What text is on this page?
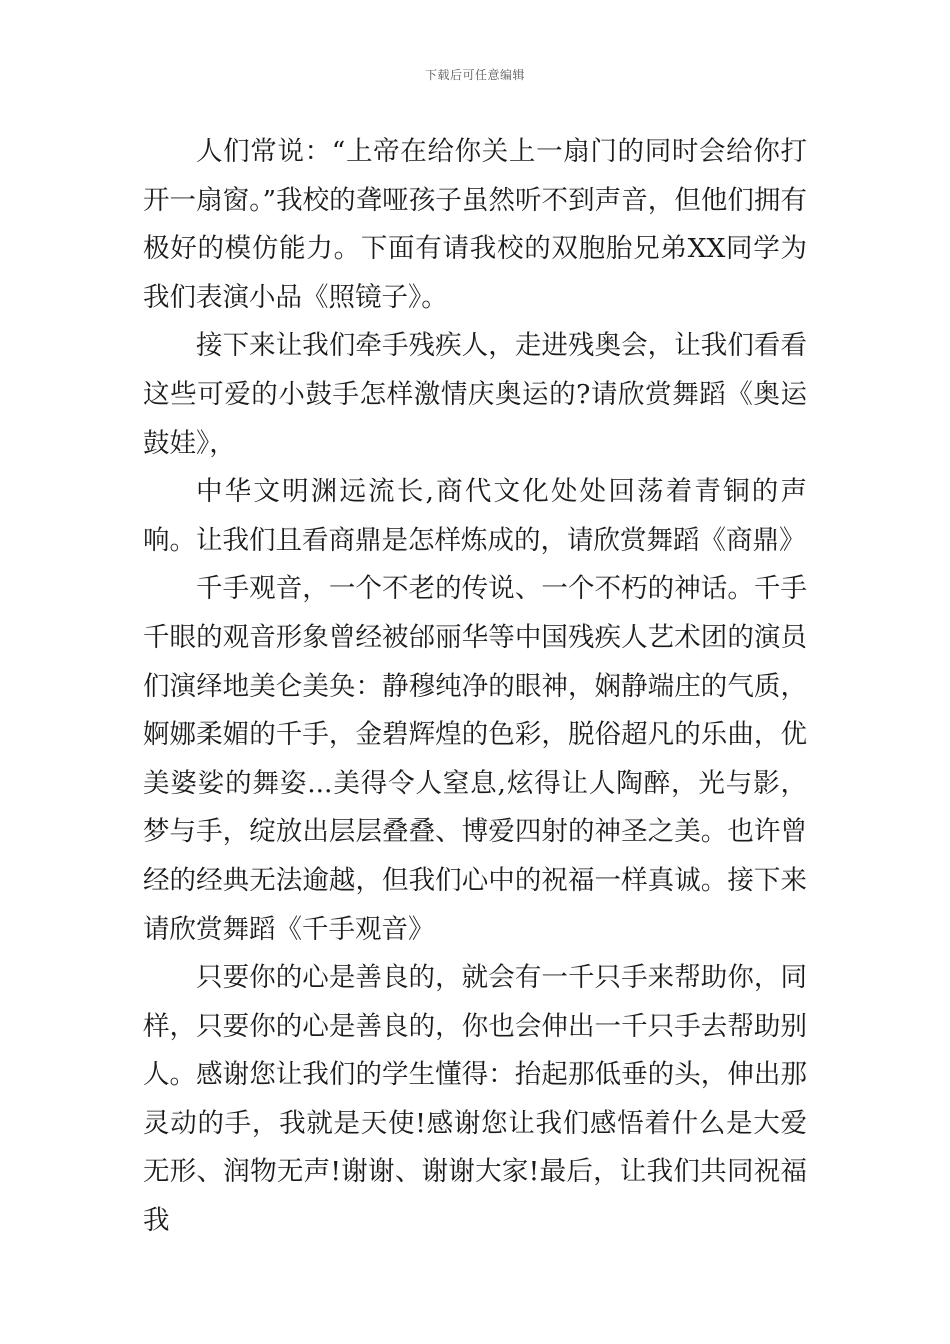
下载后可任意编辑

人们常说：“上帝在给你关上一扇门的同时会给你打开一扇窗。”我校的聋哑孩子虽然听不到声音，但他们拥有极好的模仿能力。下面有请我校的双胞胎兄弟XX同学为我们表演小品《照镜子》。

接下来让我们牵手残疾人，走进残奥会，让我们看看这些可爱的小鼓手怎样激情庆奥运的?请欣赏舞蹈《奥运鼓娃》，

中华文明渊远流长,商代文化处处回荡着青铜的声响。让我们且看商鼎是怎样炼成的，请欣赏舞蹈《商鼎》

千手观音，一个不老的传说、一个不朽的神话。千手千眼的观音形象曾经被邰丽华等中国残疾人艺术团的演员们演绎地美仑美奂：静穆纯净的眼神，娴静端庄的气质，婀娜柔媚的千手，金碧辉煌的色彩，脱俗超凡的乐曲，优美婆娑的舞姿...美得令人窒息,炫得让人陶醉，光与影，梦与手，绽放出层层叠叠、博爱四射的神圣之美。也许曾经的经典无法逾越，但我们心中的祝福一样真诚。接下来请欣赏舞蹈《千手观音》

只要你的心是善良的，就会有一千只手来帮助你，同样，只要你的心是善良的，你也会伸出一千只手去帮助别人。感谢您让我们的学生懂得：抬起那低垂的头，伸出那灵动的手，我就是天使!感谢您让我们感悟着什么是大爱无形、润物无声!谢谢、谢谢大家!最后，让我们共同祝福我
